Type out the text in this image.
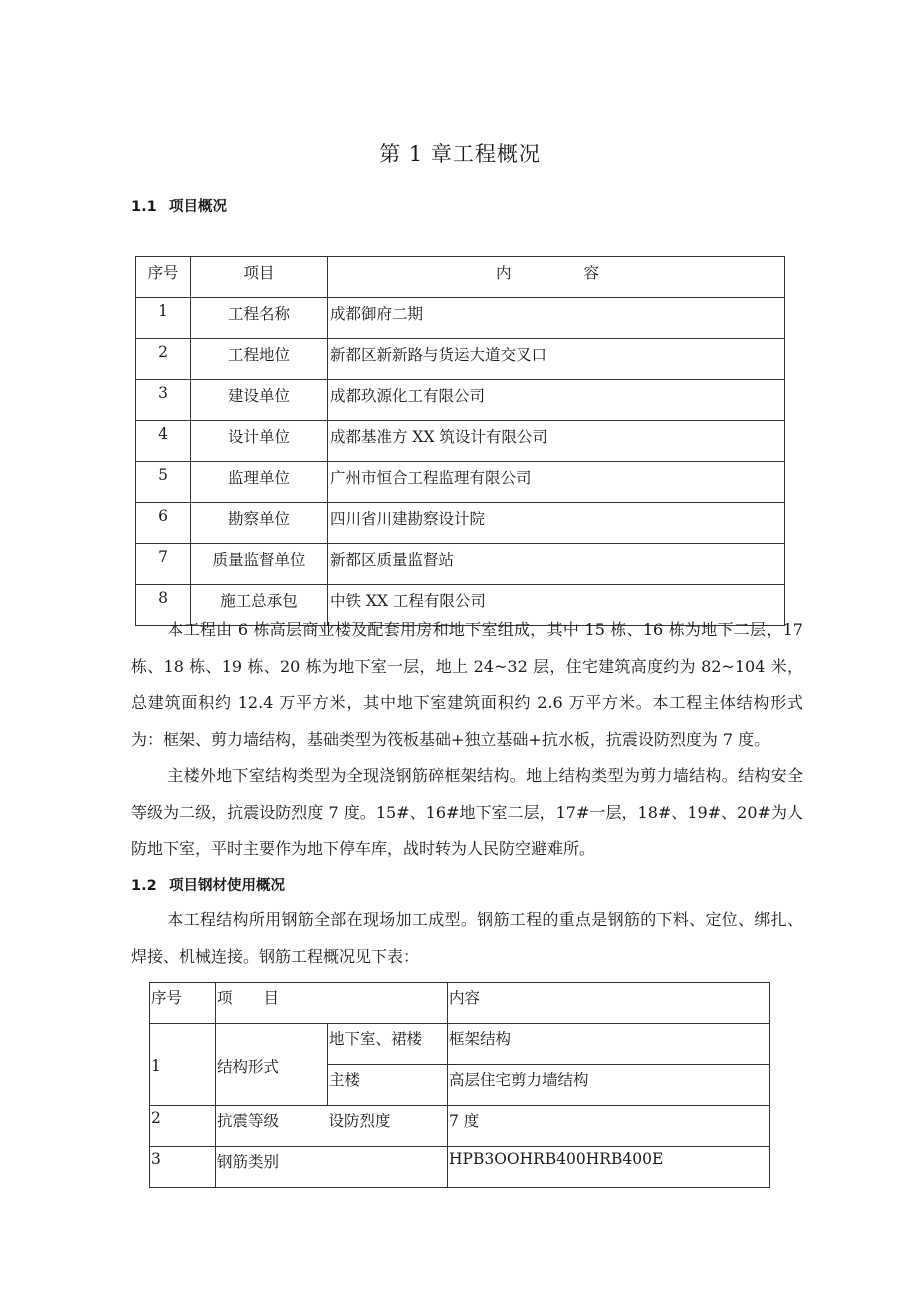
第 1 章工程概况
1.1 项目概况
序号	项目	内 容
1	工程名称	成都御府二期
2	工程地位	新都区新新路与货运大道交叉口
3	建设单位	成都玖源化工有限公司
4	设计单位	成都基准方 XX 筑设计有限公司
5	监理单位	广州市恒合工程监理有限公司
6	勘察单位	四川省川建勘察设计院
7	质量监督单位	新都区质量监督站
8	施工总承包	中铁 XX 工程有限公司
本工程由 6 栋高层商业楼及配套用房和地下室组成，其中 15 栋、16 栋为地下二层，17 栋、18 栋、19 栋、20 栋为地下室一层，地上 24~32 层，住宅建筑高度约为 82~104 米，总建筑面积约 12.4 万平方米，其中地下室建筑面积约 2.6 万平方米。本工程主体结构形式为：框架、剪力墙结构，基础类型为筏板基础+独立基础+抗水板，抗震设防烈度为 7 度。
主楼外地下室结构类型为全现浇钢筋碎框架结构。地上结构类型为剪力墙结构。结构安全等级为二级，抗震设防烈度 7 度。15#、16#地下室二层，17#一层，18#、19#、20#为人防地下室，平时主要作为地下停车库，战时转为人民防空避难所。
1.2 项目钢材使用概况
本工程结构所用钢筋全部在现场加工成型。钢筋工程的重点是钢筋的下料、定位、绑扎、焊接、机械连接。钢筋工程概况见下表：
序号	项　　目		内容
1	结构形式	地下室、裙楼	框架结构
		主楼	高层住宅剪力墙结构
2	抗震等级	设防烈度	7 度
3	钢筋类别		HPB3OOHRB400HRB400E
